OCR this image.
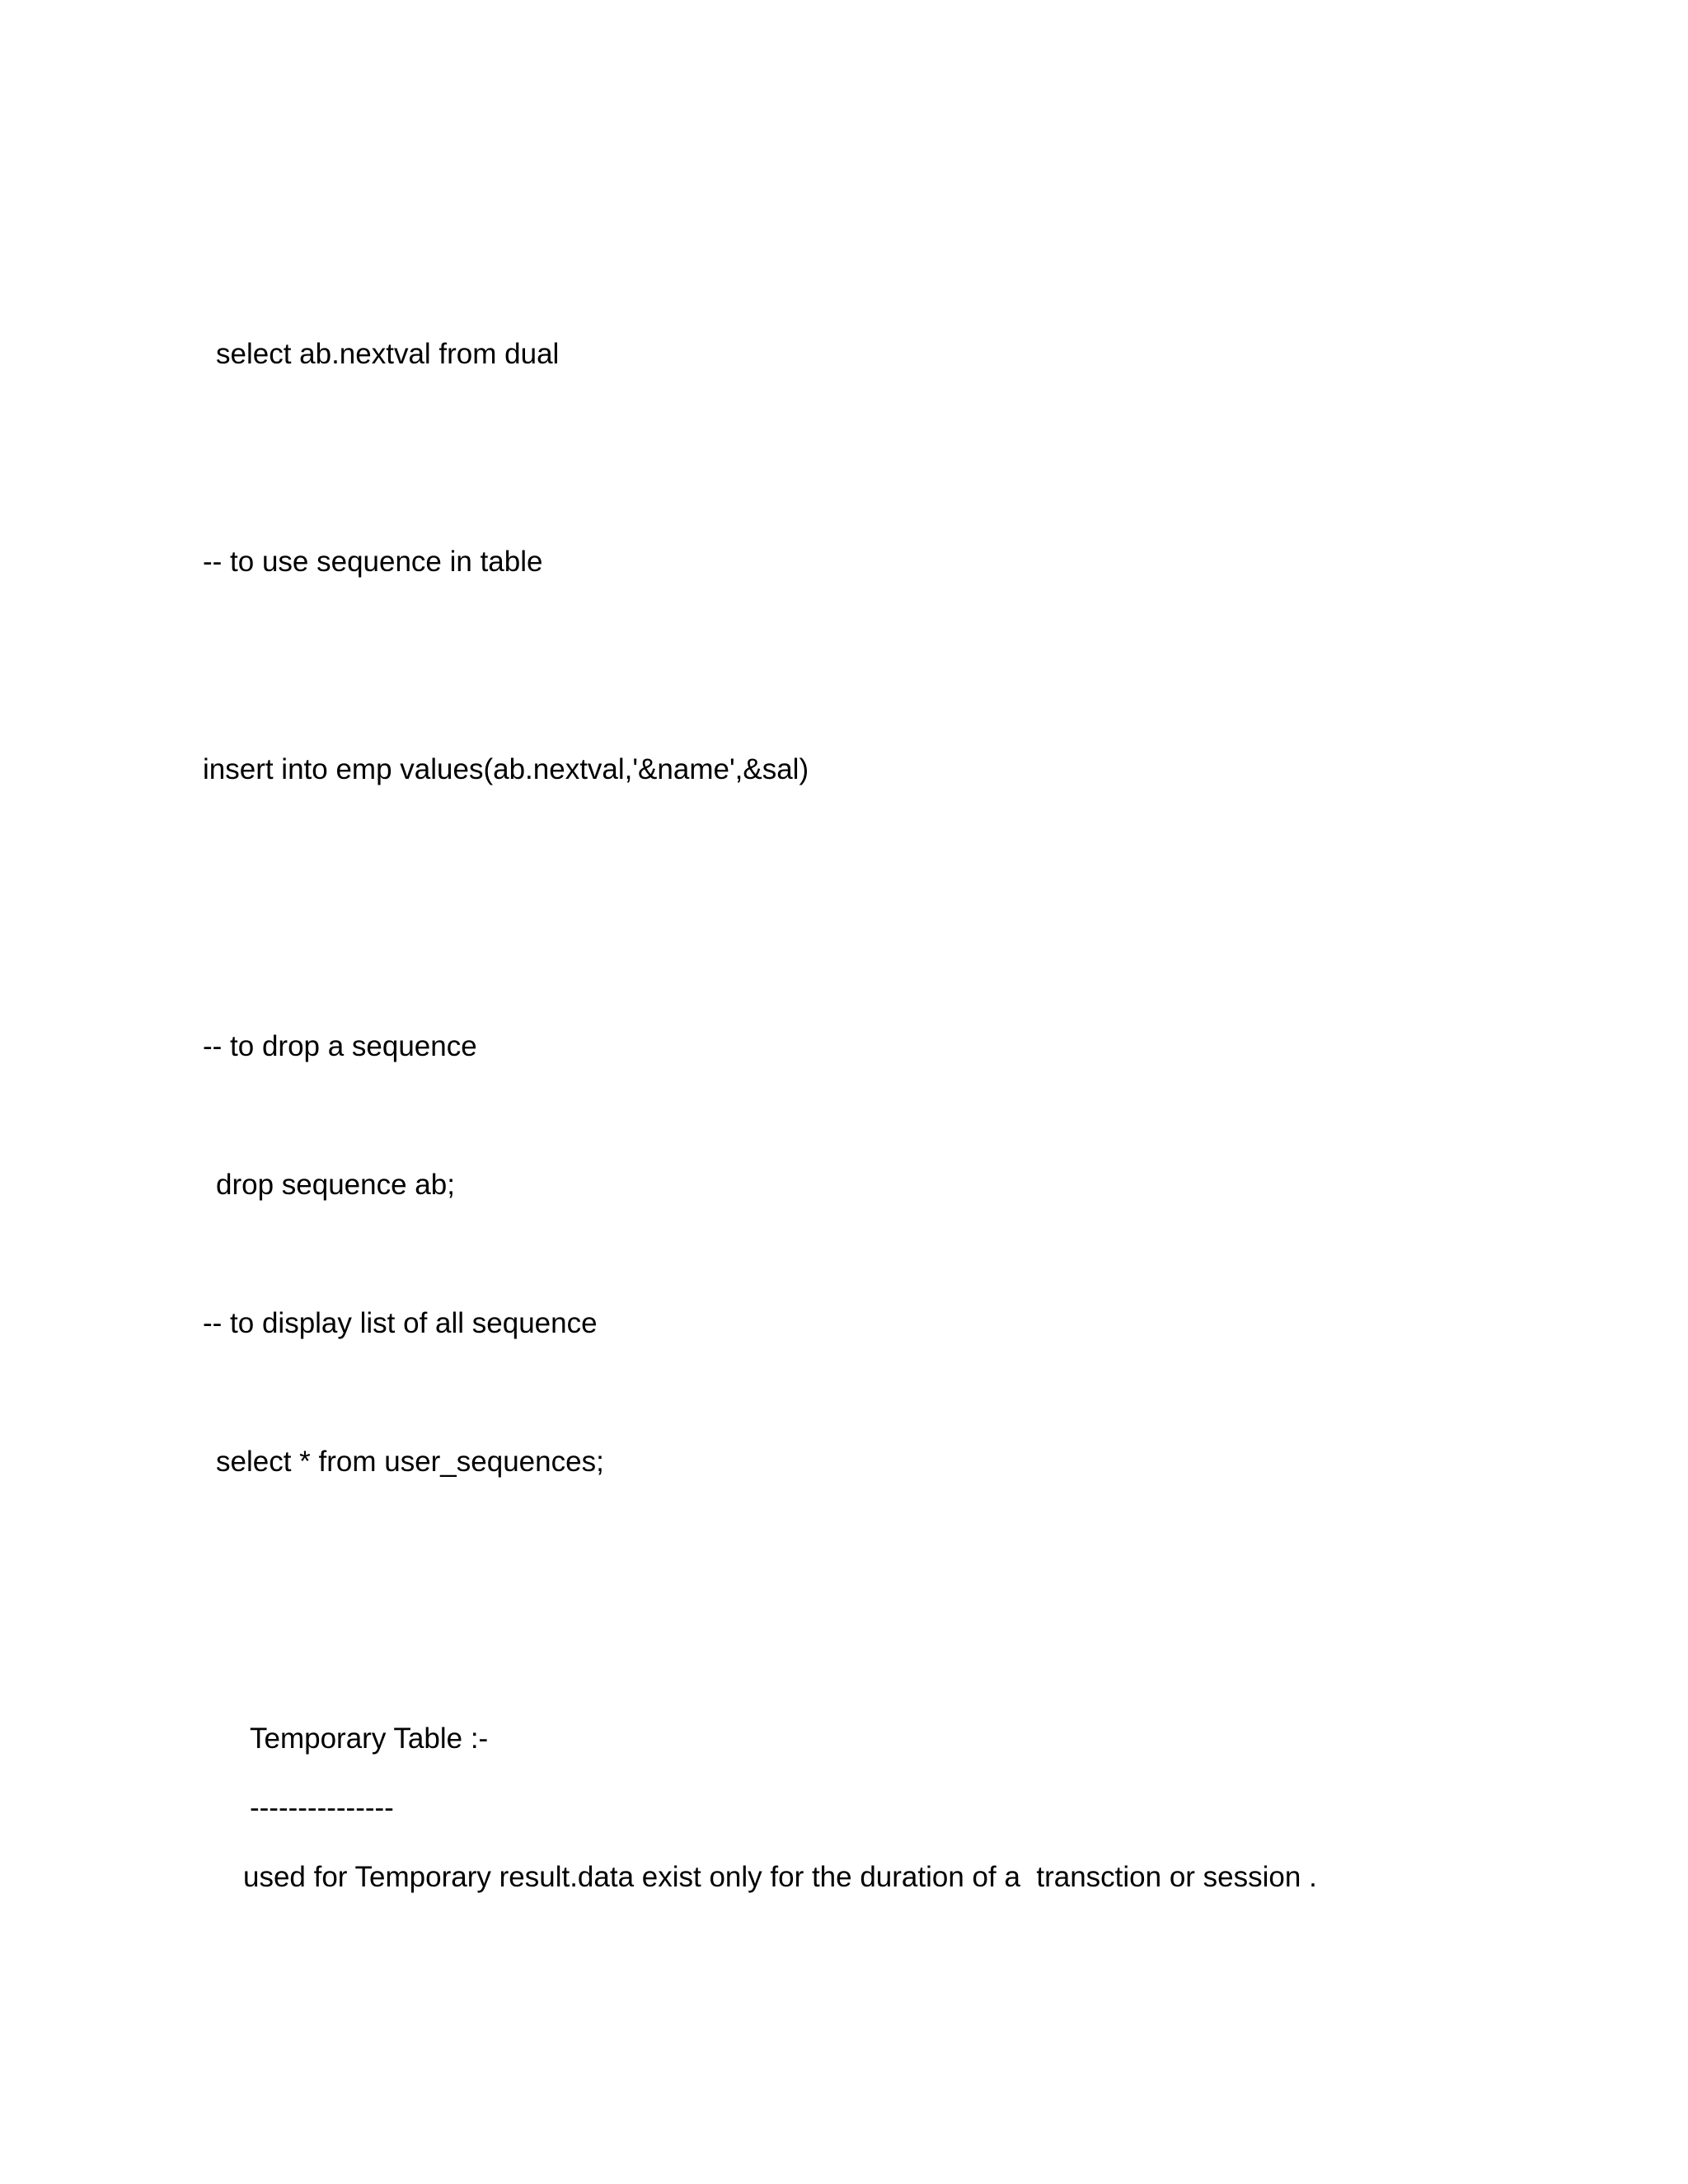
select ab.nextval from dual
-- to use sequence in table
insert into emp values(ab.nextval,'&name',&sal)
-- to drop a sequence
drop sequence ab;
-- to display list of all sequence
select * from user_sequences;
Temporary Table :-
---------------
used for Temporary result.data exist only for the duration of a  transction or session .
